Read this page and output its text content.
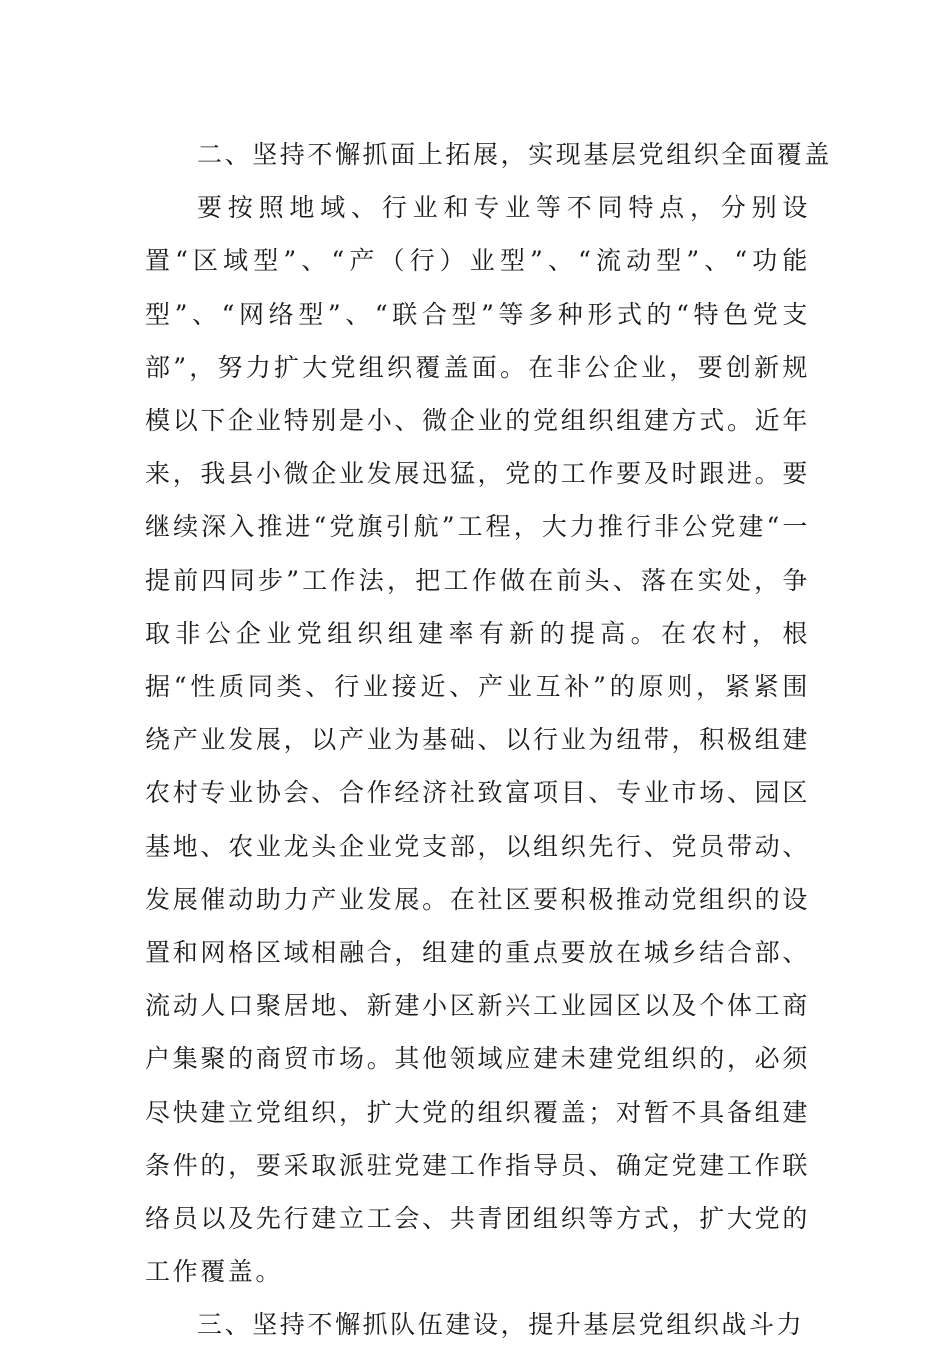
二、坚持不懈抓面上拓展，实现基层党组织全面覆盖

要按照地域、行业和专业等不同特点，分别设置“区域型”、“产（行）业型”、“流动型”、“功能型”、“网络型”、“联合型”等多种形式的“特色党支部”，努力扩大党组织覆盖面。在非公企业，要创新规模以下企业特别是小、微企业的党组织组建方式。近年来，我县小微企业发展迅猛，党的工作要及时跟进。要继续深入推进“党旗引航”工程，大力推行非公党建“一提前四同步”工作法，把工作做在前头、落在实处，争取非公企业党组织组建率有新的提高。在农村，根据“性质同类、行业接近、产业互补”的原则，紧紧围绕产业发展，以产业为基础、以行业为纽带，积极组建农村专业协会、合作经济社致富项目、专业市场、园区基地、农业龙头企业党支部，以组织先行、党员带动、发展催动助力产业发展。在社区要积极推动党组织的设置和网格区域相融合，组建的重点要放在城乡结合部、流动人口聚居地、新建小区新兴工业园区以及个体工商户集聚的商贸市场。其他领域应建未建党组织的，必须尽快建立党组织，扩大党的组织覆盖；对暂不具备组建条件的，要采取派驻党建工作指导员、确定党建工作联络员以及先行建立工会、共青团组织等方式，扩大党的工作覆盖。

三、坚持不懈抓队伍建设，提升基层党组织战斗力
